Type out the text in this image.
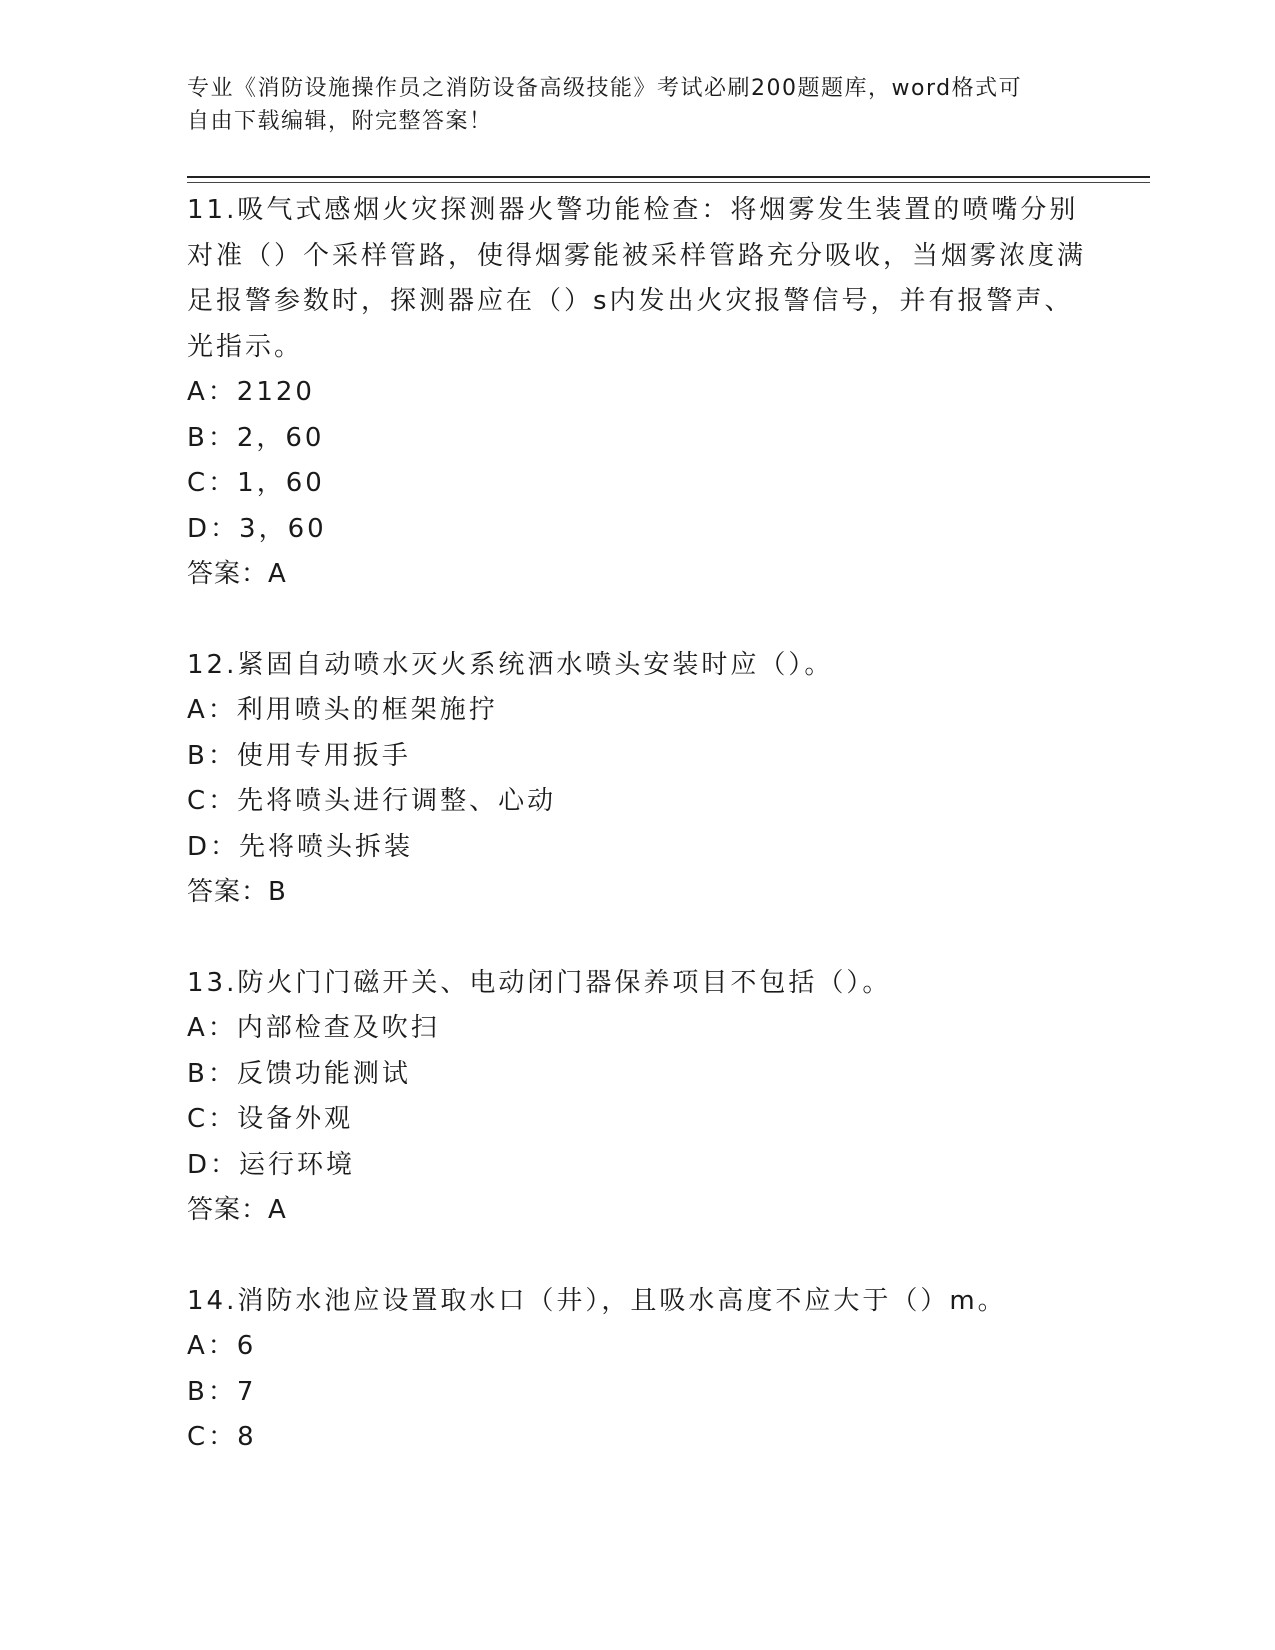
专业《消防设施操作员之消防设备高级技能》考试必刷200题题库，word格式可
自由下载编辑，附完整答案！

11.吸气式感烟火灾探测器火警功能检查：将烟雾发生装置的喷嘴分别对准（）个采样管路，使得烟雾能被采样管路充分吸收，当烟雾浓度满足报警参数时，探测器应在（）s内发出火灾报警信号，并有报警声、光指示。

A：2120

B：2，60

C：1，60

D：3，60

答案：A

12.紧固自动喷水灭火系统洒水喷头安装时应（）。

A：利用喷头的框架施拧

B：使用专用扳手

C：先将喷头进行调整、心动

D：先将喷头拆装

答案：B

13.防火门门磁开关、电动闭门器保养项目不包括（）。

A：内部检查及吹扫

B：反馈功能测试

C：设备外观

D：运行环境

答案：A

14.消防水池应设置取水口（井），且吸水高度不应大于（）m。

A：6

B：7

C：8
